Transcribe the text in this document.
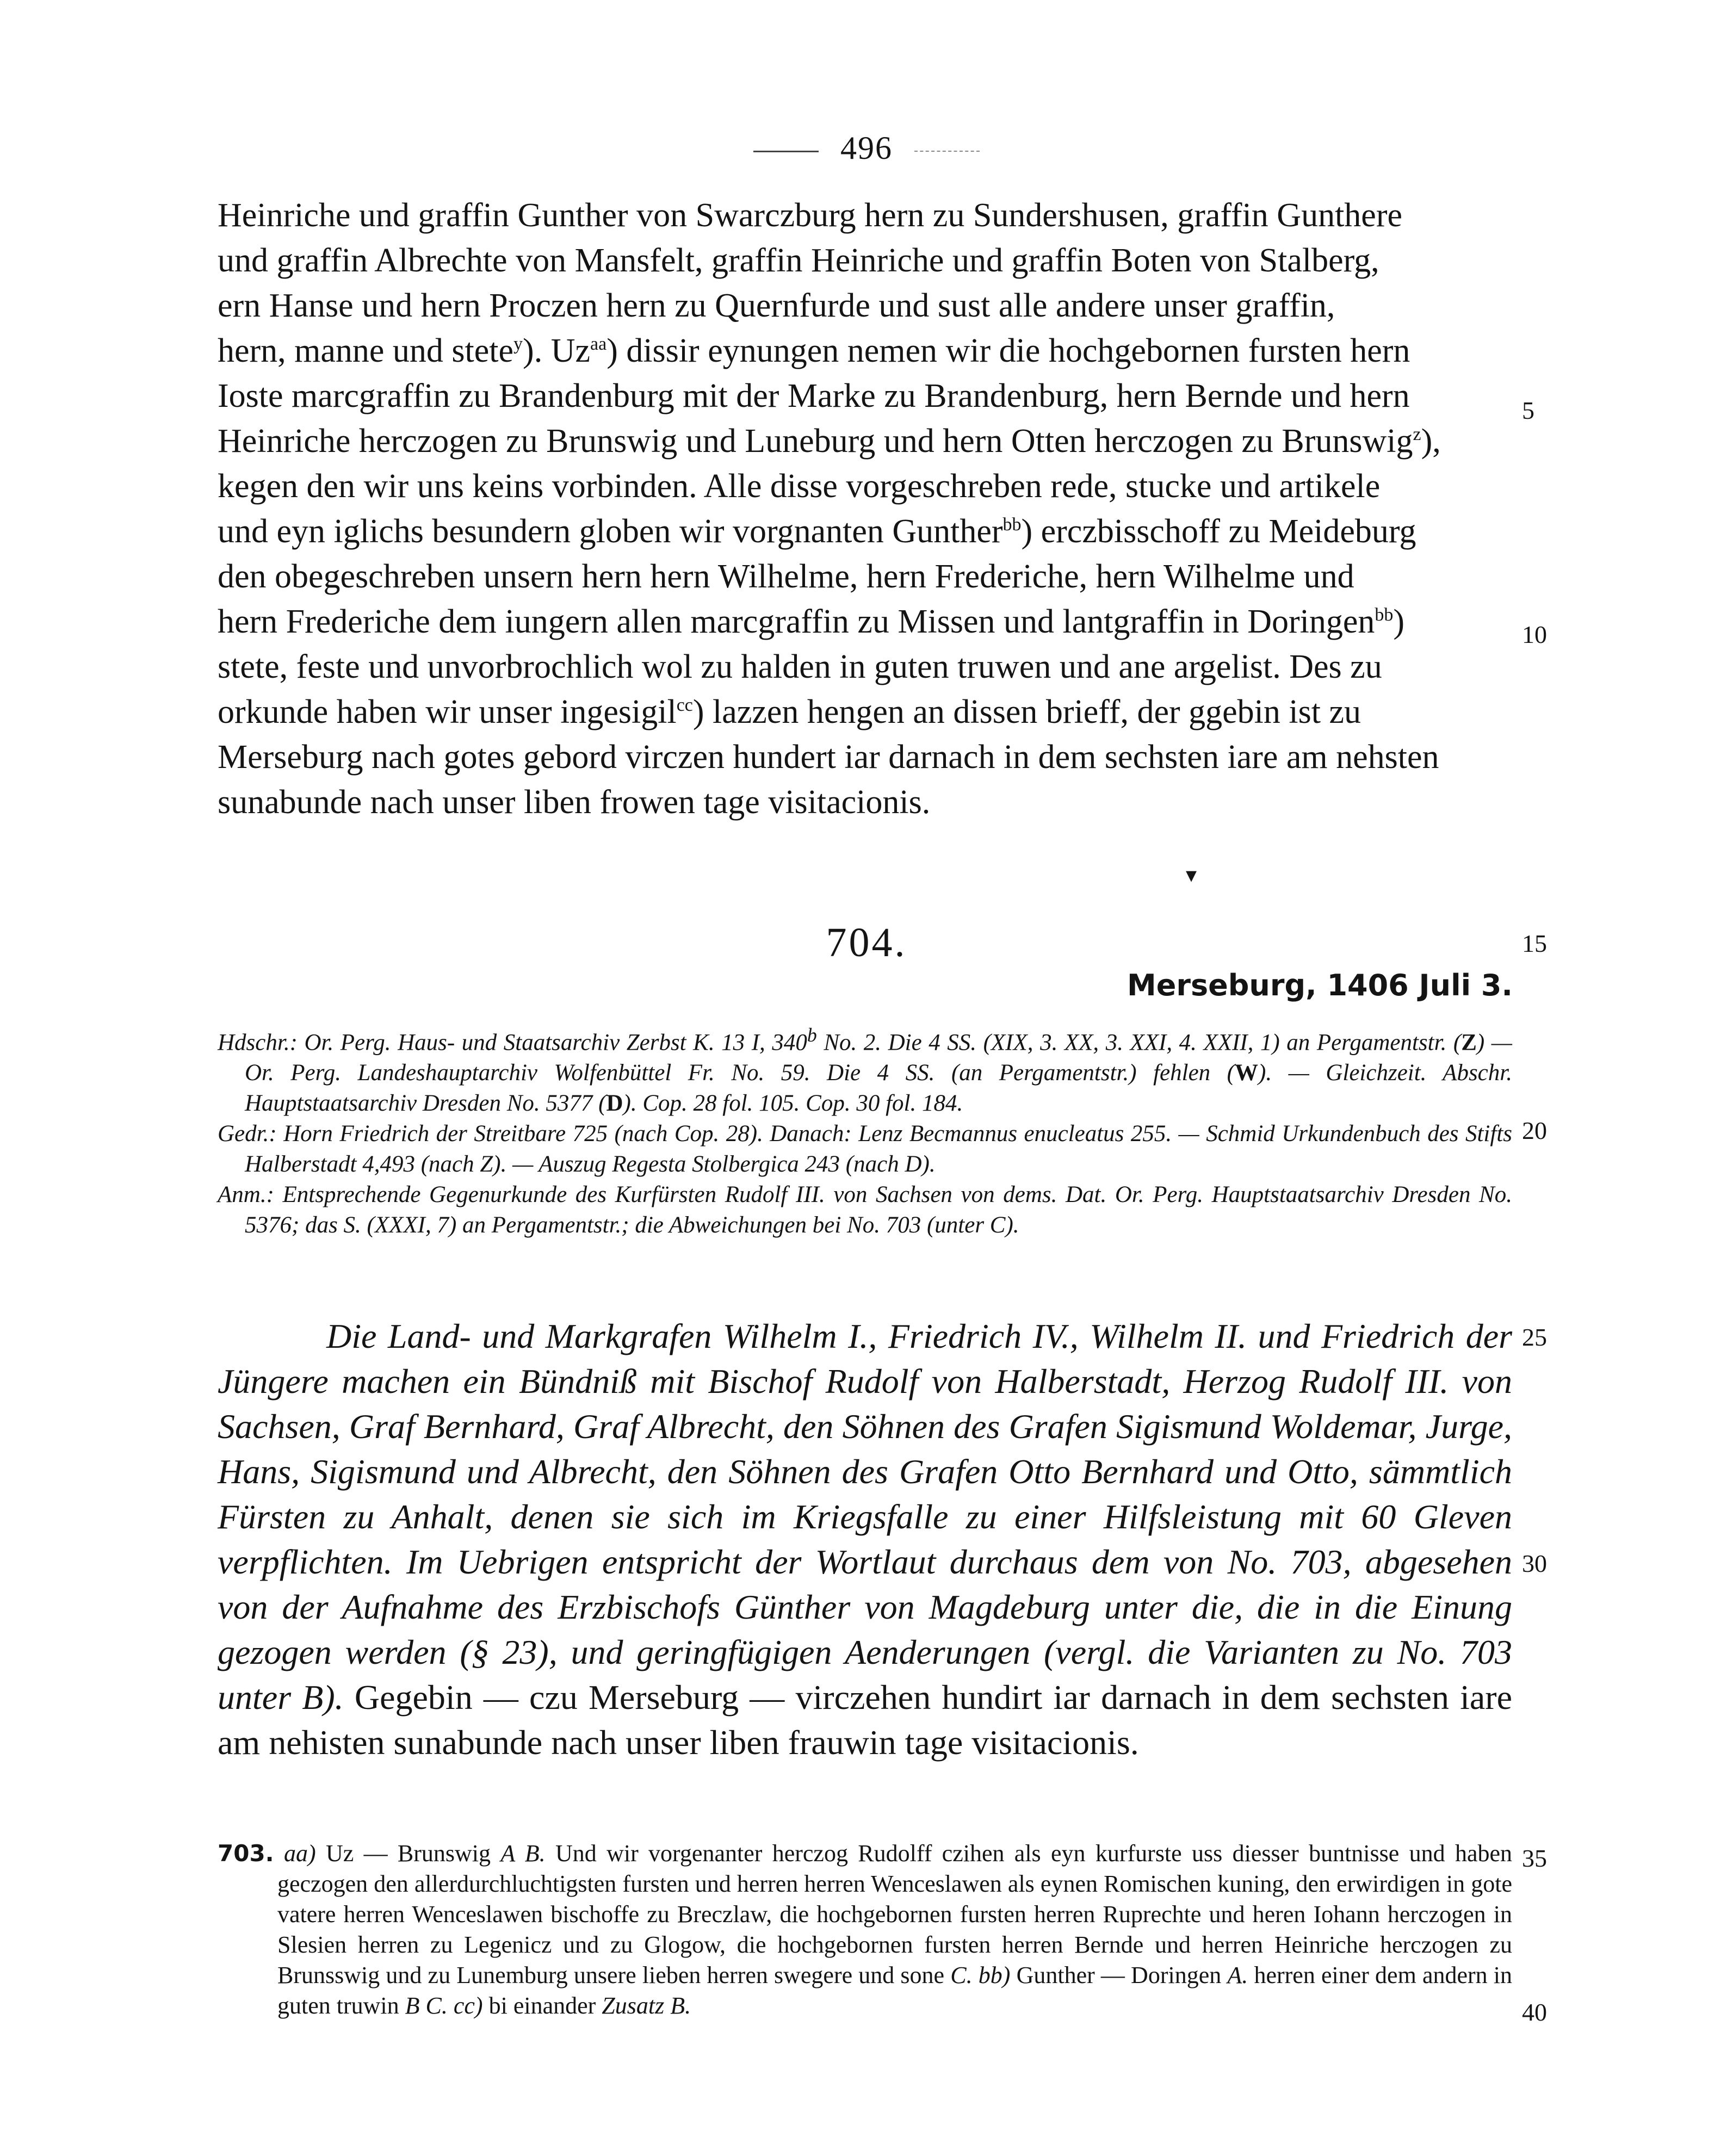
496

Heinriche und graffin Gunther von Swarczburg hern zu Sundershusen, graffin Gunthere

und graffin Albrechte von Mansfelt, graffin Heinriche und graffin Boten von Stalberg,

ern Hanse und hern Proczen hern zu Quernfurde und sust alle andere unser graffin,

hern, manne und stete$^y$). $Uz^{aa}$) dissir eynungen nemen wir die hochgebornen fursten hern

Ioste marcgraffin zu Brandenburg mit der Marke zu Brandenburg, hern Bernde und hern

Heinriche herczogen zu Brunswig und Luneburg und hern Otten herczogen zu Brunswig$^z$),

kegen den wir uns keins vorbinden. Alle disse vorgeschreben rede, stucke und artikele

und eyn iglichs besundern globen wir vorgnanten Gunther$^{bb}$) erczbisschoff zu Meideburg

den obegeschreben unsern hern hern Wilhelme, hern Frederiche, hern Wilhelme und

hern Frederiche dem iungern allen marcgraffin zu Missen und lantgraffin in Doringen$^{bb}$)

stete, feste und unvorbrochlich wol zu halden in guten truwen und ane argelist. Des zu

orkunde haben wir unser ingesigil$^{cc}$) lazzen hengen an dissen brieff, der ggebin ist zu

Merseburg nach gotes gebord virczen hundert iar darnach in dem sechsten iare am nehsten

sunabunde nach unser liben frowen tage visitacionis.

5
10
15
20
25
30
35
40
▾
704.
Merseburg, 1406 Juli 3.

Hdschr.: Or. Perg. Haus- und Staatsarchiv Zerbst K. 13 I, 340$^b$ No. 2. Die 4 SS. (XIX, 3. XX, 3. XXI, 4. XXII, 1) an Pergamentstr. (Z) — Or. Perg. Landeshauptarchiv Wolfenbüttel Fr. No. 59. Die 4 SS. (an Pergamentstr.) fehlen (W). — Gleichzeit. Abschr. Hauptstaatsarchiv Dresden No. 5377 (D). Cop. 28 fol. 105. Cop. 30 fol. 184.

Gedr.: Horn Friedrich der Streitbare 725 (nach Cop. 28). Danach: Lenz Becmannus enucleatus 255. — Schmid Urkundenbuch des Stifts Halberstadt 4,493 (nach Z). — Auszug Regesta Stolbergica 243 (nach D).

Anm.: Entsprechende Gegenurkunde des Kurfürsten Rudolf III. von Sachsen von dems. Dat. Or. Perg. Hauptstaatsarchiv Dresden No. 5376; das S. (XXXI, 7) an Pergamentstr.; die Abweichungen bei No. 703 (unter C).

Die Land- und Markgrafen Wilhelm I., Friedrich IV., Wilhelm II. und Friedrich der Jüngere machen ein Bündniß mit Bischof Rudolf von Halberstadt, Herzog Rudolf III. von Sachsen, Graf Bernhard, Graf Albrecht, den Söhnen des Grafen Sigismund Woldemar, Jurge, Hans, Sigismund und Albrecht, den Söhnen des Grafen Otto Bernhard und Otto, sämmtlich Fürsten zu Anhalt, denen sie sich im Kriegsfalle zu einer Hilfsleistung mit 60 Gleven verpflichten. Im Uebrigen entspricht der Wortlaut durchaus dem von No. 703, abgesehen von der Aufnahme des Erzbischofs Günther von Magdeburg unter die, die in die Einung gezogen werden (§ 23), und geringfügigen Aenderungen (vergl. die Varianten zu No. 703 unter B). Gegebin — czu Merseburg — virczehen hundirt iar darnach in dem sechsten iare am nehisten sunabunde nach unser liben frauwin tage visitacionis.

703. aa) Uz — Brunswig A B. Und wir vorgenanter herczog Rudolff czihen als eyn kurfurste uss diesser buntnisse und haben geczogen den allerdurchluchtigsten fursten und herren herren Wenceslawen als eynen Romischen kuning, den erwirdigen in gote vatere herren Wenceslawen bischoffe zu Breczlaw, die hochgebornen fursten herren Ruprechte und heren Iohann herczogen in Slesien herren zu Legenicz und zu Glogow, die hochgebornen fursten herren Bernde und herren Heinriche herczogen zu Brunsswig und zu Lunemburg unsere lieben herren swegere und sone C. bb) Gunther — Doringen A. herren einer dem andern in guten truwin B C. cc) bi einander Zusatz B.
